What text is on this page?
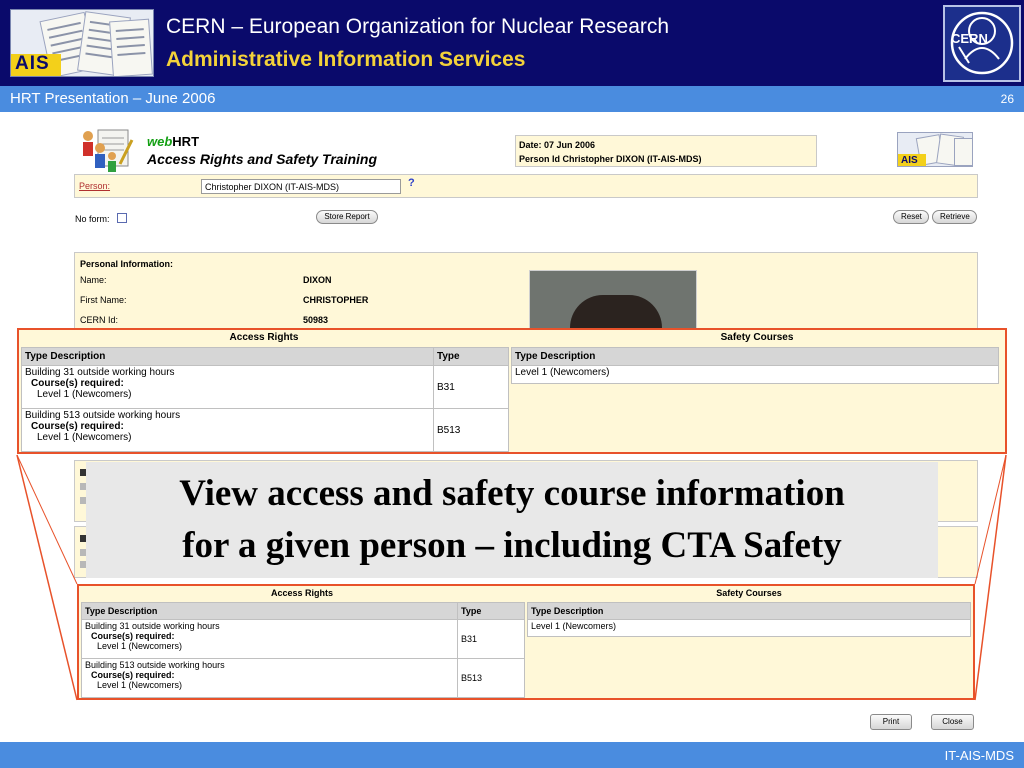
AIS
CERN – European Organization for Nuclear Research
Administrative Information Services
CERN
HRT Presentation – June 2006	26
webHRT
Access Rights and Safety Training
Date: 07 Jun 2006
Person Id Christopher DIXON (IT-AIS-MDS)	AIS
Person:	Christopher DIXON (IT-AIS-MDS)	?
No form:	Store Report	Reset	Retrieve
Personal Information:
Name:	DIXON
First Name:	CHRISTOPHER
CERN Id:	50983
Print	Close
Access Rights	Safety Courses
Type Description	Type
Building 31 outside working hours
Course(s) required:
Level 1 (Newcomers)	B31
Building 513 outside working hours
Course(s) required:
Level 1 (Newcomers)	B513
Type Description
Level 1 (Newcomers)
Access Rights	Safety Courses
Type Description	Type
Building 31 outside working hours
Course(s) required:
Level 1 (Newcomers)	B31
Building 513 outside working hours
Course(s) required:
Level 1 (Newcomers)	B513
Type Description
Level 1 (Newcomers)
View access and safety course information
for a given person – including CTA Safety
IT-AIS-MDS
